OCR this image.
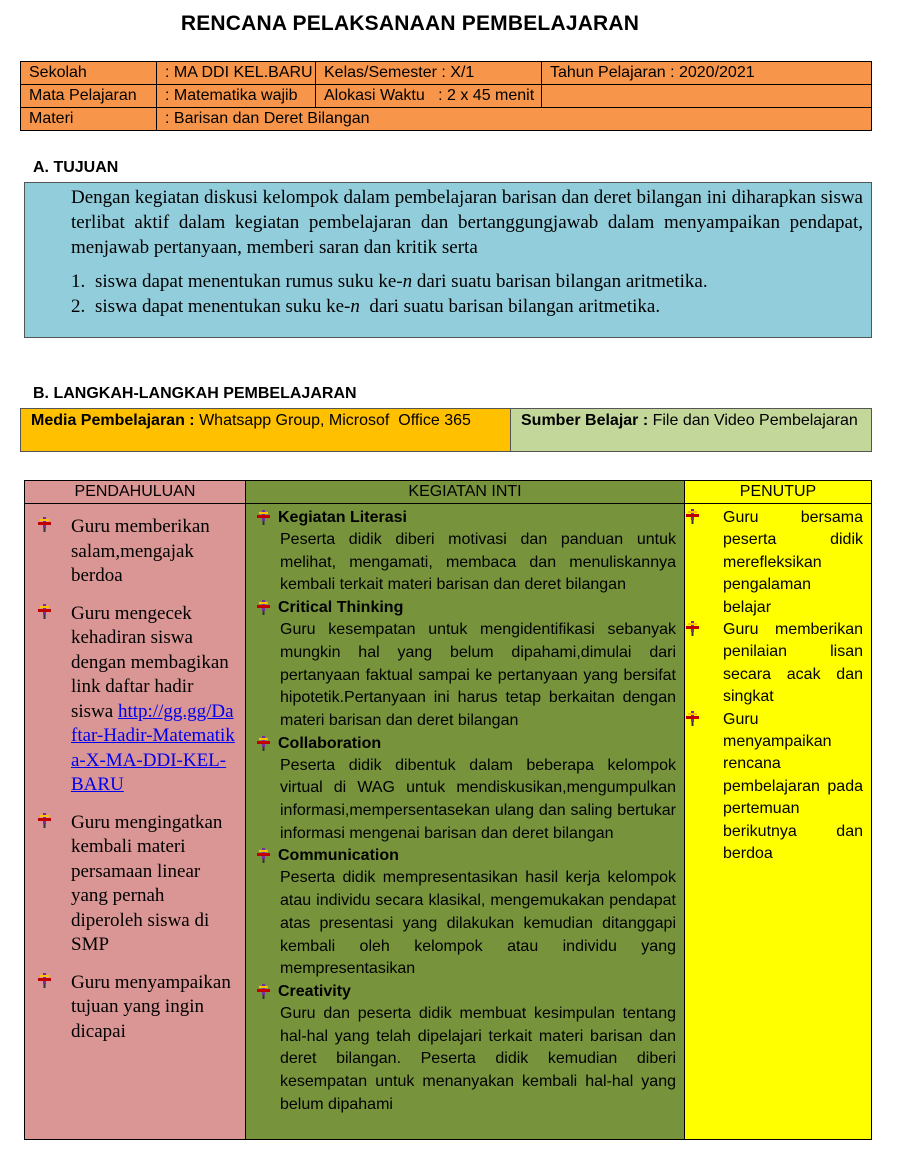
RENCANA PELAKSANAAN PEMBELAJARAN
Sekolah	: MA DDI KEL.BARU	Kelas/Semester : X/1	Tahun Pelajaran : 2020/2021
Mata Pelajaran	: Matematika wajib	Alokasi Waktu   : 2 x 45 menit	
Materi	: Barisan dan Deret Bilangan		
A. TUJUAN

Dengan kegiatan diskusi kelompok dalam pembelajaran barisan dan deret bilangan ini diharapkan siswa terlibat aktif dalam kegiatan pembelajaran dan bertanggungjawab dalam menyampaikan pendapat, menjawab pertanyaan, memberi saran dan kritik serta

1. siswa dapat menentukan rumus suku ke-n dari suatu barisan bilangan aritmetika.
2. siswa dapat menentukan suku ke-n  dari suatu barisan bilangan aritmetika.
B. LANGKAH-LANGKAH PEMBELAJARAN
Media Pembelajaran : Whatsapp Group, Microsof  Office 365	Sumber Belajar : File dan Video Pembelajaran
PENDAHULUAN
Guru memberikan salam,mengajak berdoa
Guru mengecek kehadiran siswa dengan membagikan link daftar hadir siswa http://gg.gg/Daftar-Hadir-Matematika-X-MA-DDI-KEL-BARU
Guru mengingatkan kembali materi persamaan linear yang pernah diperoleh siswa di SMP
Guru menyampaikan tujuan yang ingin dicapai
KEGIATAN INTI
Kegiatan Literasi
Peserta didik diberi motivasi dan panduan untuk melihat, mengamati, membaca dan menuliskannya kembali terkait materi barisan dan deret bilangan
Critical Thinking
Guru kesempatan untuk mengidentifikasi sebanyak mungkin hal yang belum dipahami,dimulai dari pertanyaan faktual sampai ke pertanyaan yang bersifat hipotetik.Pertanyaan ini harus tetap berkaitan dengan materi barisan dan deret bilangan
Collaboration
Peserta didik dibentuk dalam beberapa kelompok virtual di WAG untuk mendiskusikan,mengumpulkan informasi,mempersentasekan ulang dan saling bertukar informasi mengenai barisan dan deret bilangan
Communication
Peserta didik mempresentasikan hasil kerja kelompok atau individu secara klasikal, mengemukakan pendapat atas presentasi yang dilakukan kemudian ditanggapi kembali oleh kelompok atau individu yang mempresentasikan
Creativity
Guru dan peserta didik membuat kesimpulan tentang hal-hal yang telah dipelajari terkait materi barisan dan deret bilangan. Peserta didik kemudian diberi kesempatan untuk menanyakan kembali hal-hal yang belum dipahami
PENUTUP
Guru bersama peserta didik merefleksikan pengalaman belajar
Guru memberikan penilaian lisan secara acak dan singkat
Guru menyampaikan rencana pembelajaran pada pertemuan berikutnya dan berdoa
